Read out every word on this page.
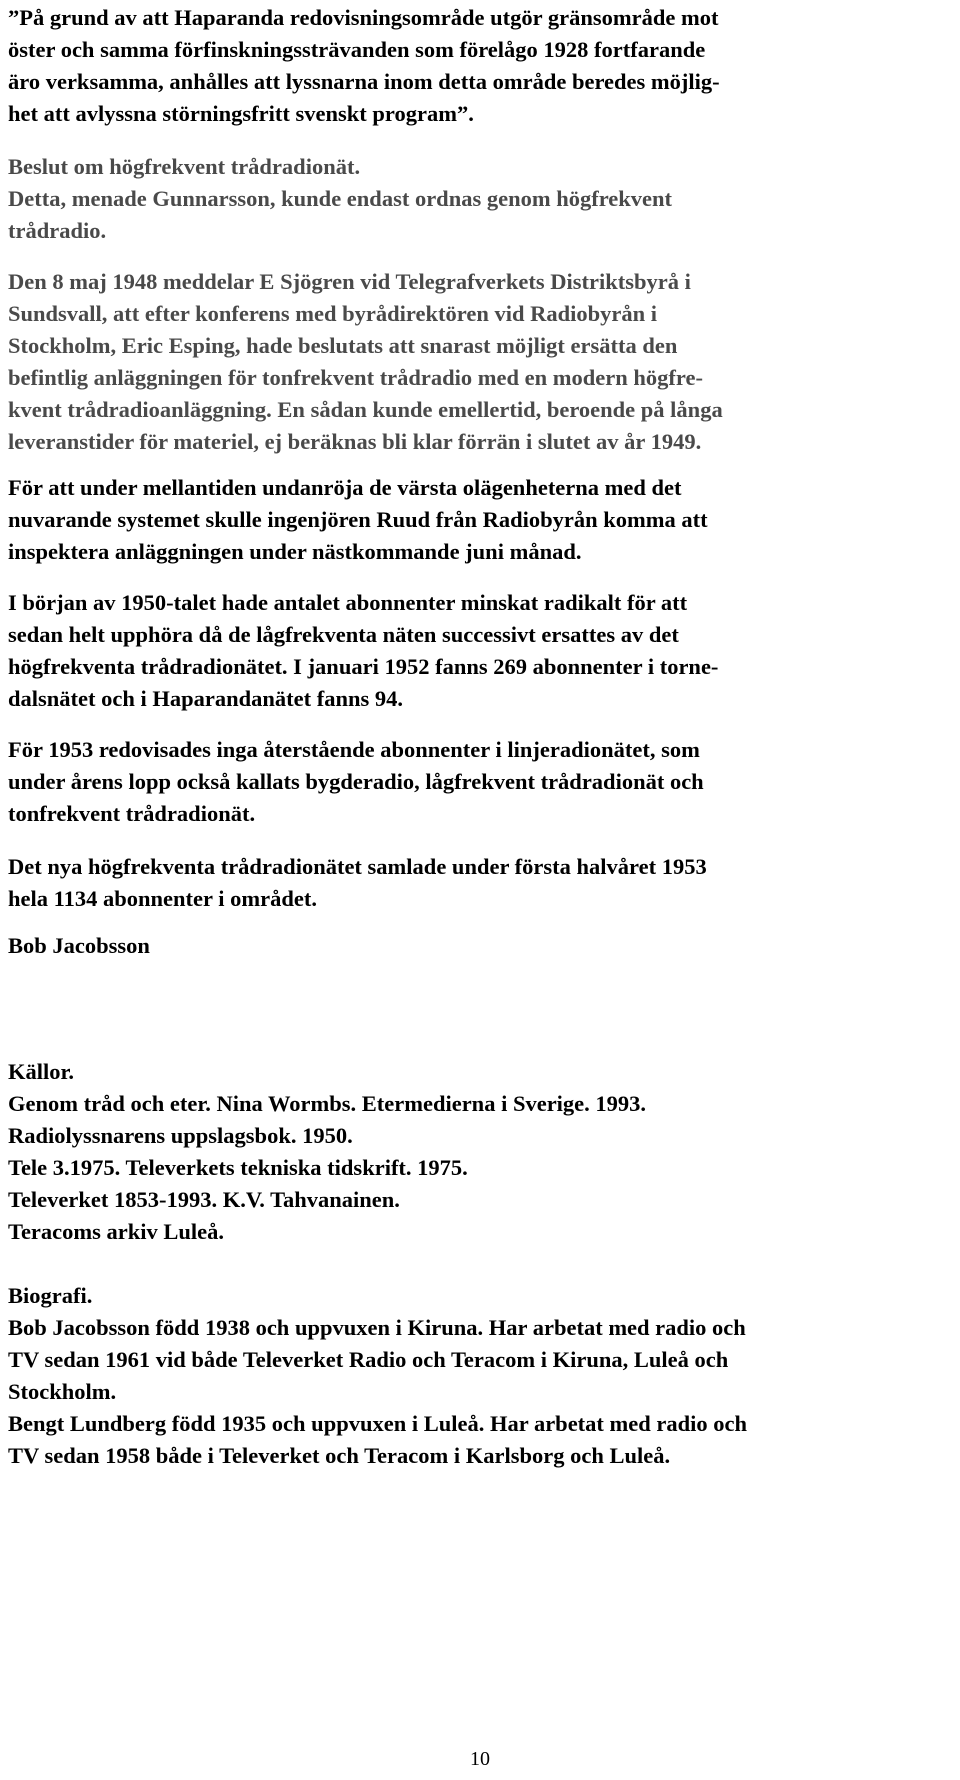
”På grund av att Haparanda redovisningsområde utgör gränsområde mot
öster och samma förfinskningssträvanden som förelågo 1928 fortfarande
äro verksamma, anhålles att lyssnarna inom detta område beredes möjlig-
het att avlyssna störningsfritt svenskt program”.
Beslut om högfrekvent trådradionät.
Detta, menade Gunnarsson, kunde endast ordnas genom högfrekvent
trådradio.
Den 8 maj 1948 meddelar E Sjögren vid Telegrafverkets Distriktsbyrå i
Sundsvall, att efter konferens med byrådirektören vid Radiobyrån i
Stockholm, Eric Esping, hade beslutats att snarast möjligt ersätta den
befintlig anläggningen för tonfrekvent trådradio med en modern högfre-
kvent trådradioanläggning. En sådan kunde emellertid, beroende på långa
leveranstider för materiel, ej beräknas bli klar förrän i slutet av år 1949.
För att under mellantiden undanröja de värsta olägenheterna med det
nuvarande systemet skulle ingenjören Ruud från Radiobyrån komma att
inspektera anläggningen under nästkommande juni månad.
I början av 1950-talet hade antalet abonnenter minskat radikalt för att
sedan helt upphöra då de lågfrekventa näten successivt ersattes av det
högfrekventa trådradionätet. I januari 1952 fanns 269 abonnenter i torne-
dalsnätet och i Haparandanätet fanns 94.
För 1953 redovisades inga återstående abonnenter i linjeradionätet, som
under årens lopp också kallats bygderadio, lågfrekvent trådradionät och
tonfrekvent trådradionät.
Det nya högfrekventa trådradionätet samlade under första halvåret 1953
hela 1134 abonnenter i området.
Bob Jacobsson
Källor.
Genom tråd och eter. Nina Wormbs. Etermedierna i Sverige. 1993.
Radiolyssnarens uppslagsbok. 1950.
Tele 3.1975. Televerkets tekniska tidskrift. 1975.
Televerket 1853-1993. K.V. Tahvanainen.
Teracoms arkiv Luleå.
Biografi.
Bob Jacobsson född 1938 och uppvuxen i Kiruna. Har arbetat med radio och
TV sedan 1961 vid både Televerket Radio och Teracom i Kiruna, Luleå och
Stockholm.
Bengt Lundberg född 1935 och uppvuxen i Luleå. Har arbetat med radio och
TV sedan 1958 både i Televerket och Teracom i Karlsborg och Luleå.
10
